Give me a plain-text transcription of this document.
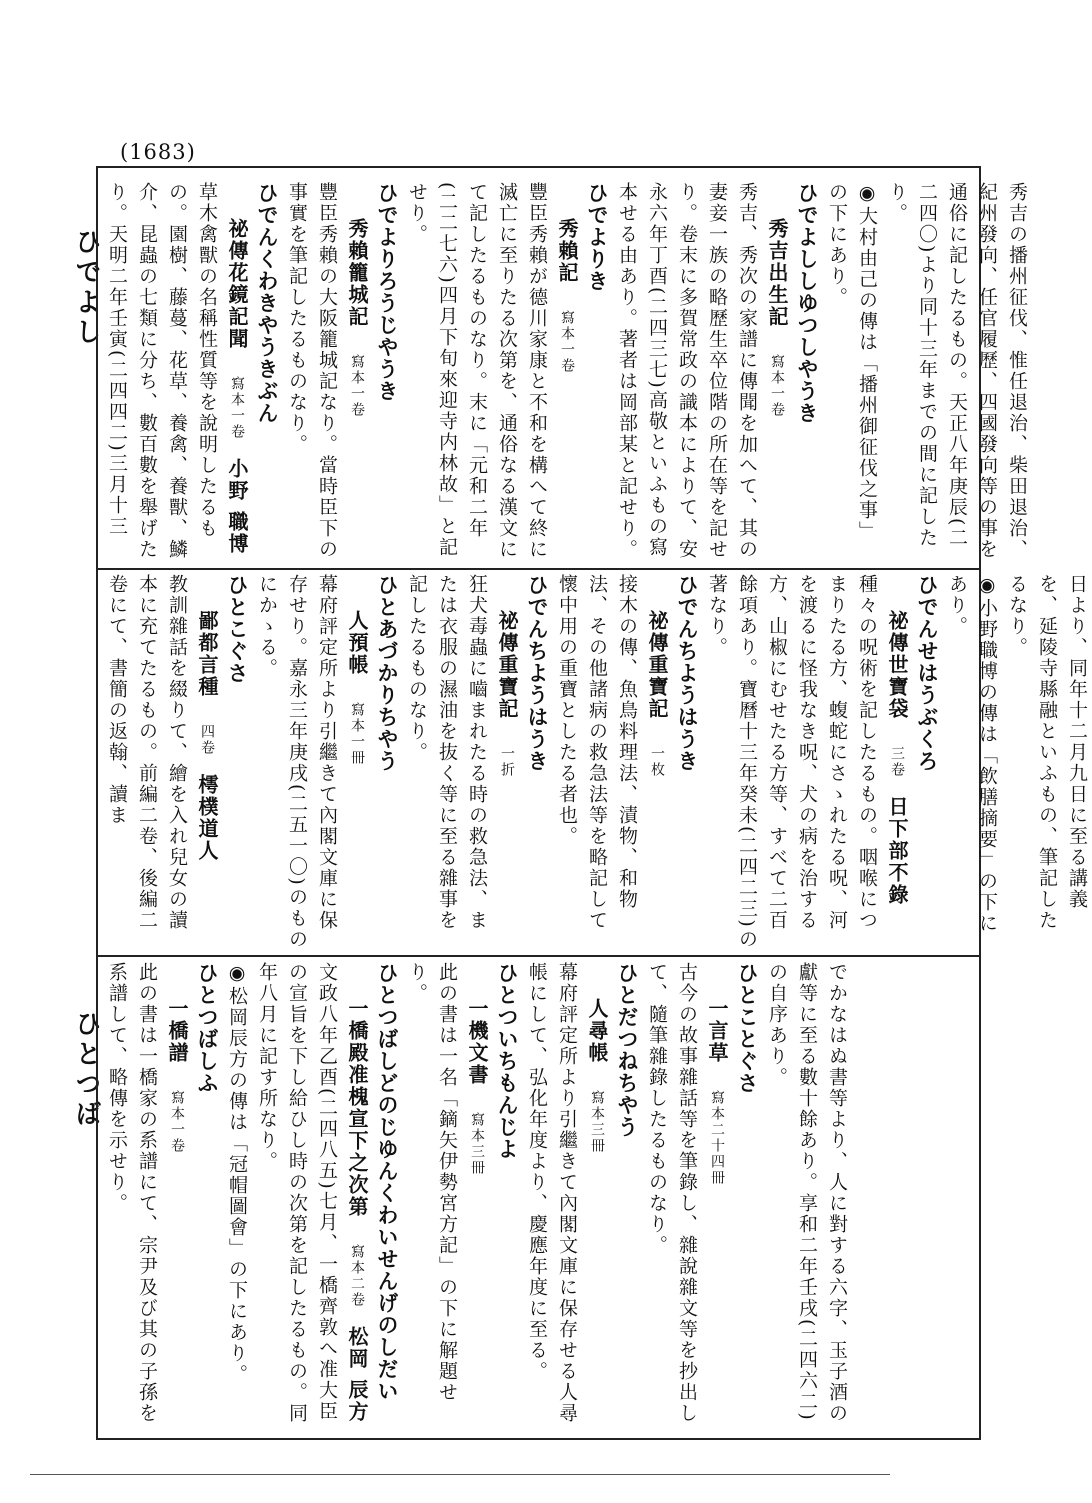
(1683)
ひでよし
ひとつば
秀吉の播州征伐、惟任退治、柴田退治、紀州發向、任官履歷、四國發向等の事を通俗に記したるもの。天正八年庚辰(二二四〇)より同十三年までの間に記したり。
◉大村由己の傳は「播州御征伐之事」の下にあり。
ひでよししゆつしやうき
秀吉出生記寫本一卷
秀吉、秀次の家譜に傳聞を加へて、其の妻妾一族の略歷生卒位階の所在等を記せり。卷末に多賀常政の識本によりて、安永六年丁酉(二四三七)高敬といふもの寫本せる由あり。著者は岡部某と記せり。
ひでよりき
秀賴記寫本一卷
豐臣秀賴が德川家康と不和を構へて終に滅亡に至りたる次第を、通俗なる漢文にて記したるものなり。末に「元和二年(二二七六)四月下旬來迎寺内林故」と記せり。
ひでよりろうじやうき
秀賴籠城記寫本一卷
豐臣秀賴の大阪籠城記なり。當時臣下の事實を筆記したるものなり。
ひでんくわきやうきぶん
祕傳花鏡記聞寫本一卷小野 職博
草木禽獸の名稱性質等を說明したるもの。園樹、藤蔓、花草、養禽、養獸、鱗介、昆蟲の七類に分ち、數百數を舉げたり。天明二年壬寅(二四四二)三月十三
日より、同年十二月九日に至る講義を、延陵寺縣融といふもの、筆記したるなり。
◉小野職博の傳は「飲膳摘要」の下にあり。
ひでんせはうぶくろ
祕傳世寶袋三卷日下部不錄
種々の呪術を記したるもの。咽喉につまりたる方、蝮蛇にさゝれたる呪、河を渡るに怪我なき呪、犬の病を治する方、山椒にむせたる方等、すべて二百餘項あり。寶曆十三年癸未(二四二三)の著なり。
ひでんちようはうき
祕傳重寶記一枚
接木の傳、魚鳥料理法、漬物、和物法、その他諸病の救急法等を略記して懷中用の重寶としたる者也。
ひでんちようはうき
祕傳重寶記一折
狂犬毒蟲に嚙まれたる時の救急法、または衣服の濕油を抜く等に至る雜事を記したるものなり。
ひとあづかりちやう
人預帳寫本一冊
幕府評定所より引繼きて內閣文庫に保存せり。嘉永三年庚戌(二五一〇)のものにかゝる。
ひとこぐさ
鄙都言種四卷樗樸道人
教訓雜話を綴りて、繪を入れ兒女の讀本に充てたるもの。前編二卷、後編二卷にて、書簡の返翰、讀ま
でかなはぬ書等より、人に對する六字、玉子酒の獻等に至る數十餘あり。享和二年壬戌(二四六二)の自序あり。
ひとことぐさ
一言草寫本二十四冊
古今の故事雜話等を筆錄し、雜說雜文等を抄出して、隨筆雜錄したるものなり。
ひとだつねちやう
人尋帳寫本三冊
幕府評定所より引繼きて內閣文庫に保存せる人尋帳にして、弘化年度より、慶應年度に至る。
ひとついちもんじよ
一機文書寫本三冊
此の書は一名「鏑矢伊勢宮方記」の下に解題せり。
ひとつばしどのじゆんくわいせんげのしだい
一橋殿准槐宣下之次第寫本二卷松岡 辰方
文政八年乙酉(二四八五)七月、一橋齊敦へ准大臣の宣旨を下し給ひし時の次第を記したるもの。同年八月に記す所なり。
◉松岡辰方の傳は「冠帽圖會」の下にあり。
ひとつばしふ
一橋譜寫本一卷
此の書は一橋家の系譜にて、宗尹及び其の子孫を系譜して、略傳を示せり。
